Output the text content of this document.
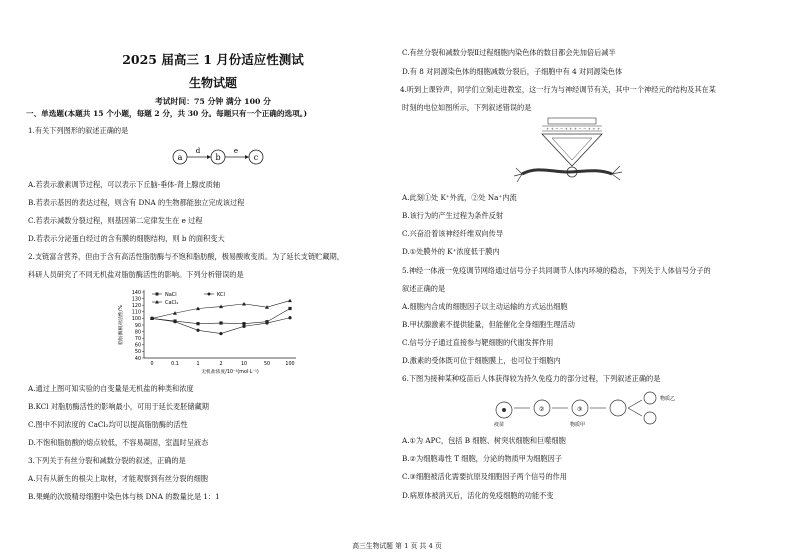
2025 届高三 1 月份适应性测试
生物试题
考试时间：75 分钟 满分 100 分
一、单选题(本题共 15 个小题，每题 2 分，共 30 分。每题只有一个正确的选项。)
1.有关下列图形的叙述正确的是
a
d
b
e
c
A.若表示激素调节过程，可以表示下丘脑-垂体-肾上腺皮质轴
B.若表示基因的表达过程，则含有 DNA 的生物都能独立完成该过程
C.若表示减数分裂过程，则基因第二定律发生在 e 过程
D.若表示分泌蛋白经过的含有膜的细胞结构，则 b 的面积变大
2.支链富含营养，但由于含有高活性脂肪酶与不饱和脂肪酸，极易酸败变质。为了延长支链贮藏期，
科研人员研究了不同无机盐对脂肪酶活性的影响。下列分析错误的是
40
50
60
70
80
90
100
110
120
130
140
0	0.1	1	2	10	50	100
无机盐浓度/10⁻³(mol·L⁻¹)
脂肪酶相对活性/%
NaCl
CaCl₂
KCl
A.通过上图可知实验的自变量是无机盐的种类和浓度
B.KCl 对脂肪酶活性的影响最小，可用于延长麦胚储藏期
C.图中不同浓度的 CaCl₂均可以提高脂肪酶的活性
D.不饱和脂肪酸的熔点较低，不容易凝固，室温时呈液态
3.下列关于有丝分裂和减数分裂的叙述，正确的是
A.只有从新生的根尖上取材，才能观察到有丝分裂的细胞
B.果蝇的次级精母细胞中染色体与核 DNA 的数量比是 1：1
C.有丝分裂和减数分裂Ⅱ过程细胞内染色体的数目都会先加倍后减半
D.有 8 对同源染色体的细胞减数分裂后，子细胞中有 4 对同源染色体
4.听到上课铃声，同学们立刻走进教室，这一行为与神经调节有关，其中一个神经元的结构及其在某
时刻的电位如图所示，下列叙述错误的是
+ + − − + + + − − + + +
A.此刻①处 K⁺外流，②处 Na⁺内流
B.该行为的产生过程为条件反射
C.兴奋沿着该神经纤维双向传导
D.①处膜外的 K⁺浓度低于膜内
5.神经一体液一免疫调节网络通过信号分子共同调节人体内环境的稳态，下列关于人体信号分子的
叙述正确的是
A.细胞内合成的细胞因子以主动运输的方式运出细胞
B.甲状腺激素不提供能量，但能催化全身细胞生理活动
C.信号分子通过直接参与靶细胞的代谢发挥作用
D.激素的受体既可位于细胞膜上，也可位于细胞内
6.下图为接种某种疫苗后人体获得较为持久免疫力的部分过程，下列叙述正确的是
疫苗
②	③
物质甲
物质乙
A.①为 APC，包括 B 细胞、树突状细胞和巨噬细胞
B.②为细胞毒性 T 细胞，分泌的物质甲为细胞因子
C.③细胞被活化需要抗原及细胞因子两个信号的作用
D.病原体被消灭后，活化的免疫细胞的功能不变
高三生物试题 第 1 页 共 4 页
